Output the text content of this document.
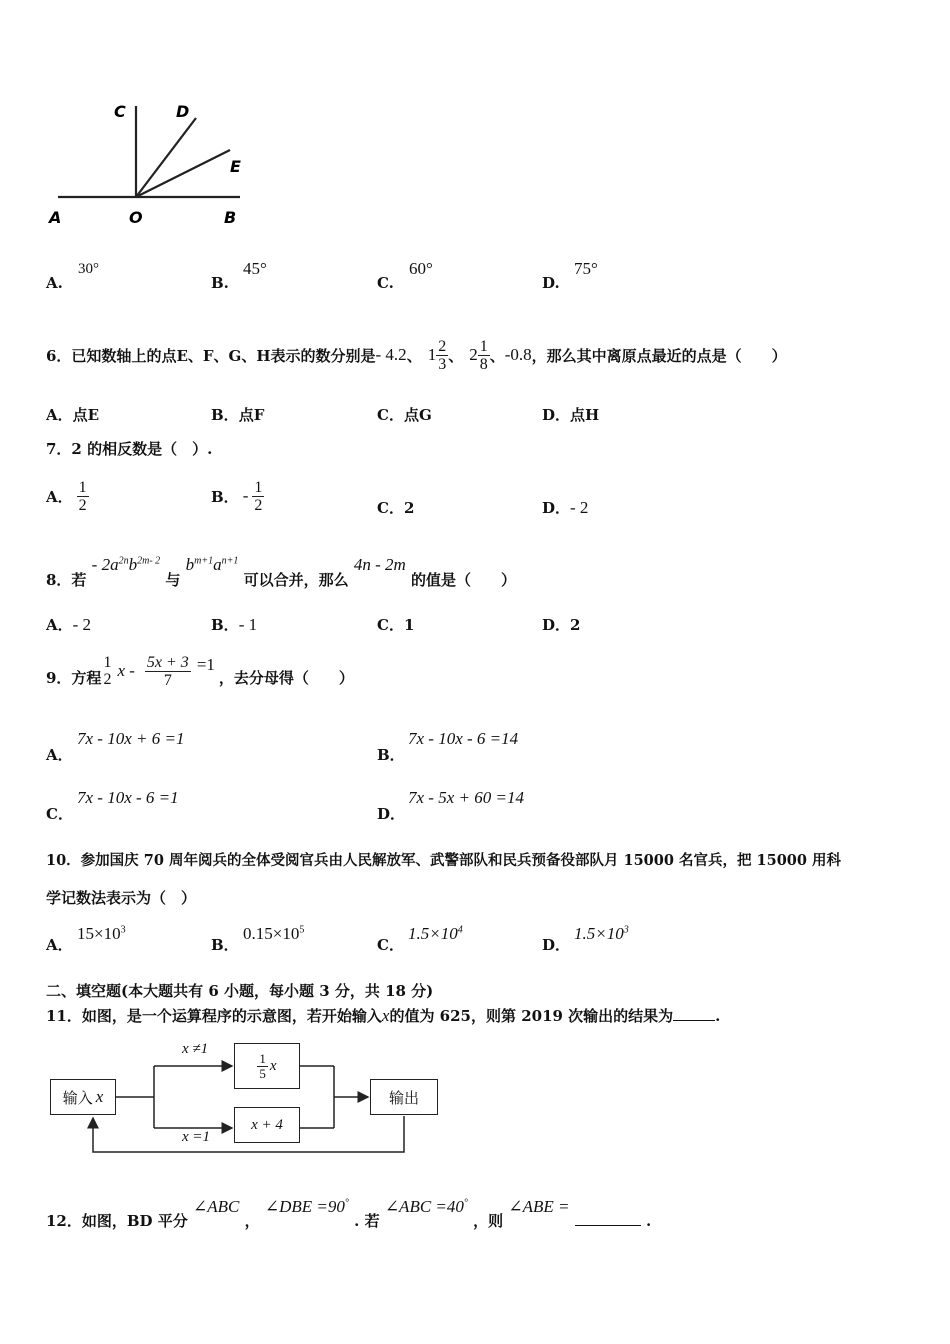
C	D
E
A	O	B
A.
30°
B.
45°
C.
60°
D.
75°
6．已知数轴上的点E、F、G、H表示的数分别是 - 4.2 、 $1 \frac{2}{3}$ 、 $2 \frac{1}{8}$ 、 -0.8 ，那么其中离原点最近的点是（　　）
A．点E	B．点F	C．点G	D．点H
7．2 的相反数是（　）.
A． $\frac{1}{2}$	B． - $\frac{1}{2}$	C．2	D．- 2
8．若 - $2a^{2n}b^{2m- 2}$ 与 $b^{m+1}a^{n+1}$ 可以合并，那么 4n - 2m 的值是（　　）
A．- 2	B．- 1	C．1	D．2
9．方程
1
2 $x - \frac{5x + 3}{7} =1$
，去分母得（　　）
A．
7x - 10x + 6 =1
B．
7x - 10x - 6 =14
C．
7x - 10x - 6 =1
D．
7x - 5x + 60 =14
10．参加国庆 70 周年阅兵的全体受阅官兵由人民解放军、武警部队和民兵预备役部队月 15000 名官兵，把 15000 用科
学记数法表示为（　）
A．
$15\times 10^3$
B．
$0.15\times 10^5$
C．
$1.5\times 10^4$
D．
$1.5\times 10^3$
二、填空题(本大题共有 6 小题，每小题 3 分，共 18 分)
11．如图，是一个运算程序的示意图，若开始输入x的值为 625，则第 2019 次输出的结果为	.
输入 x
x ≠1
x =1
$\frac{1}{5}$ x
x + 4
输出
12．如图，BD 平分 ∠ABC ， ∠DBE =90° . 若 ∠ABC =40° ，则 ∠ABE =  .
